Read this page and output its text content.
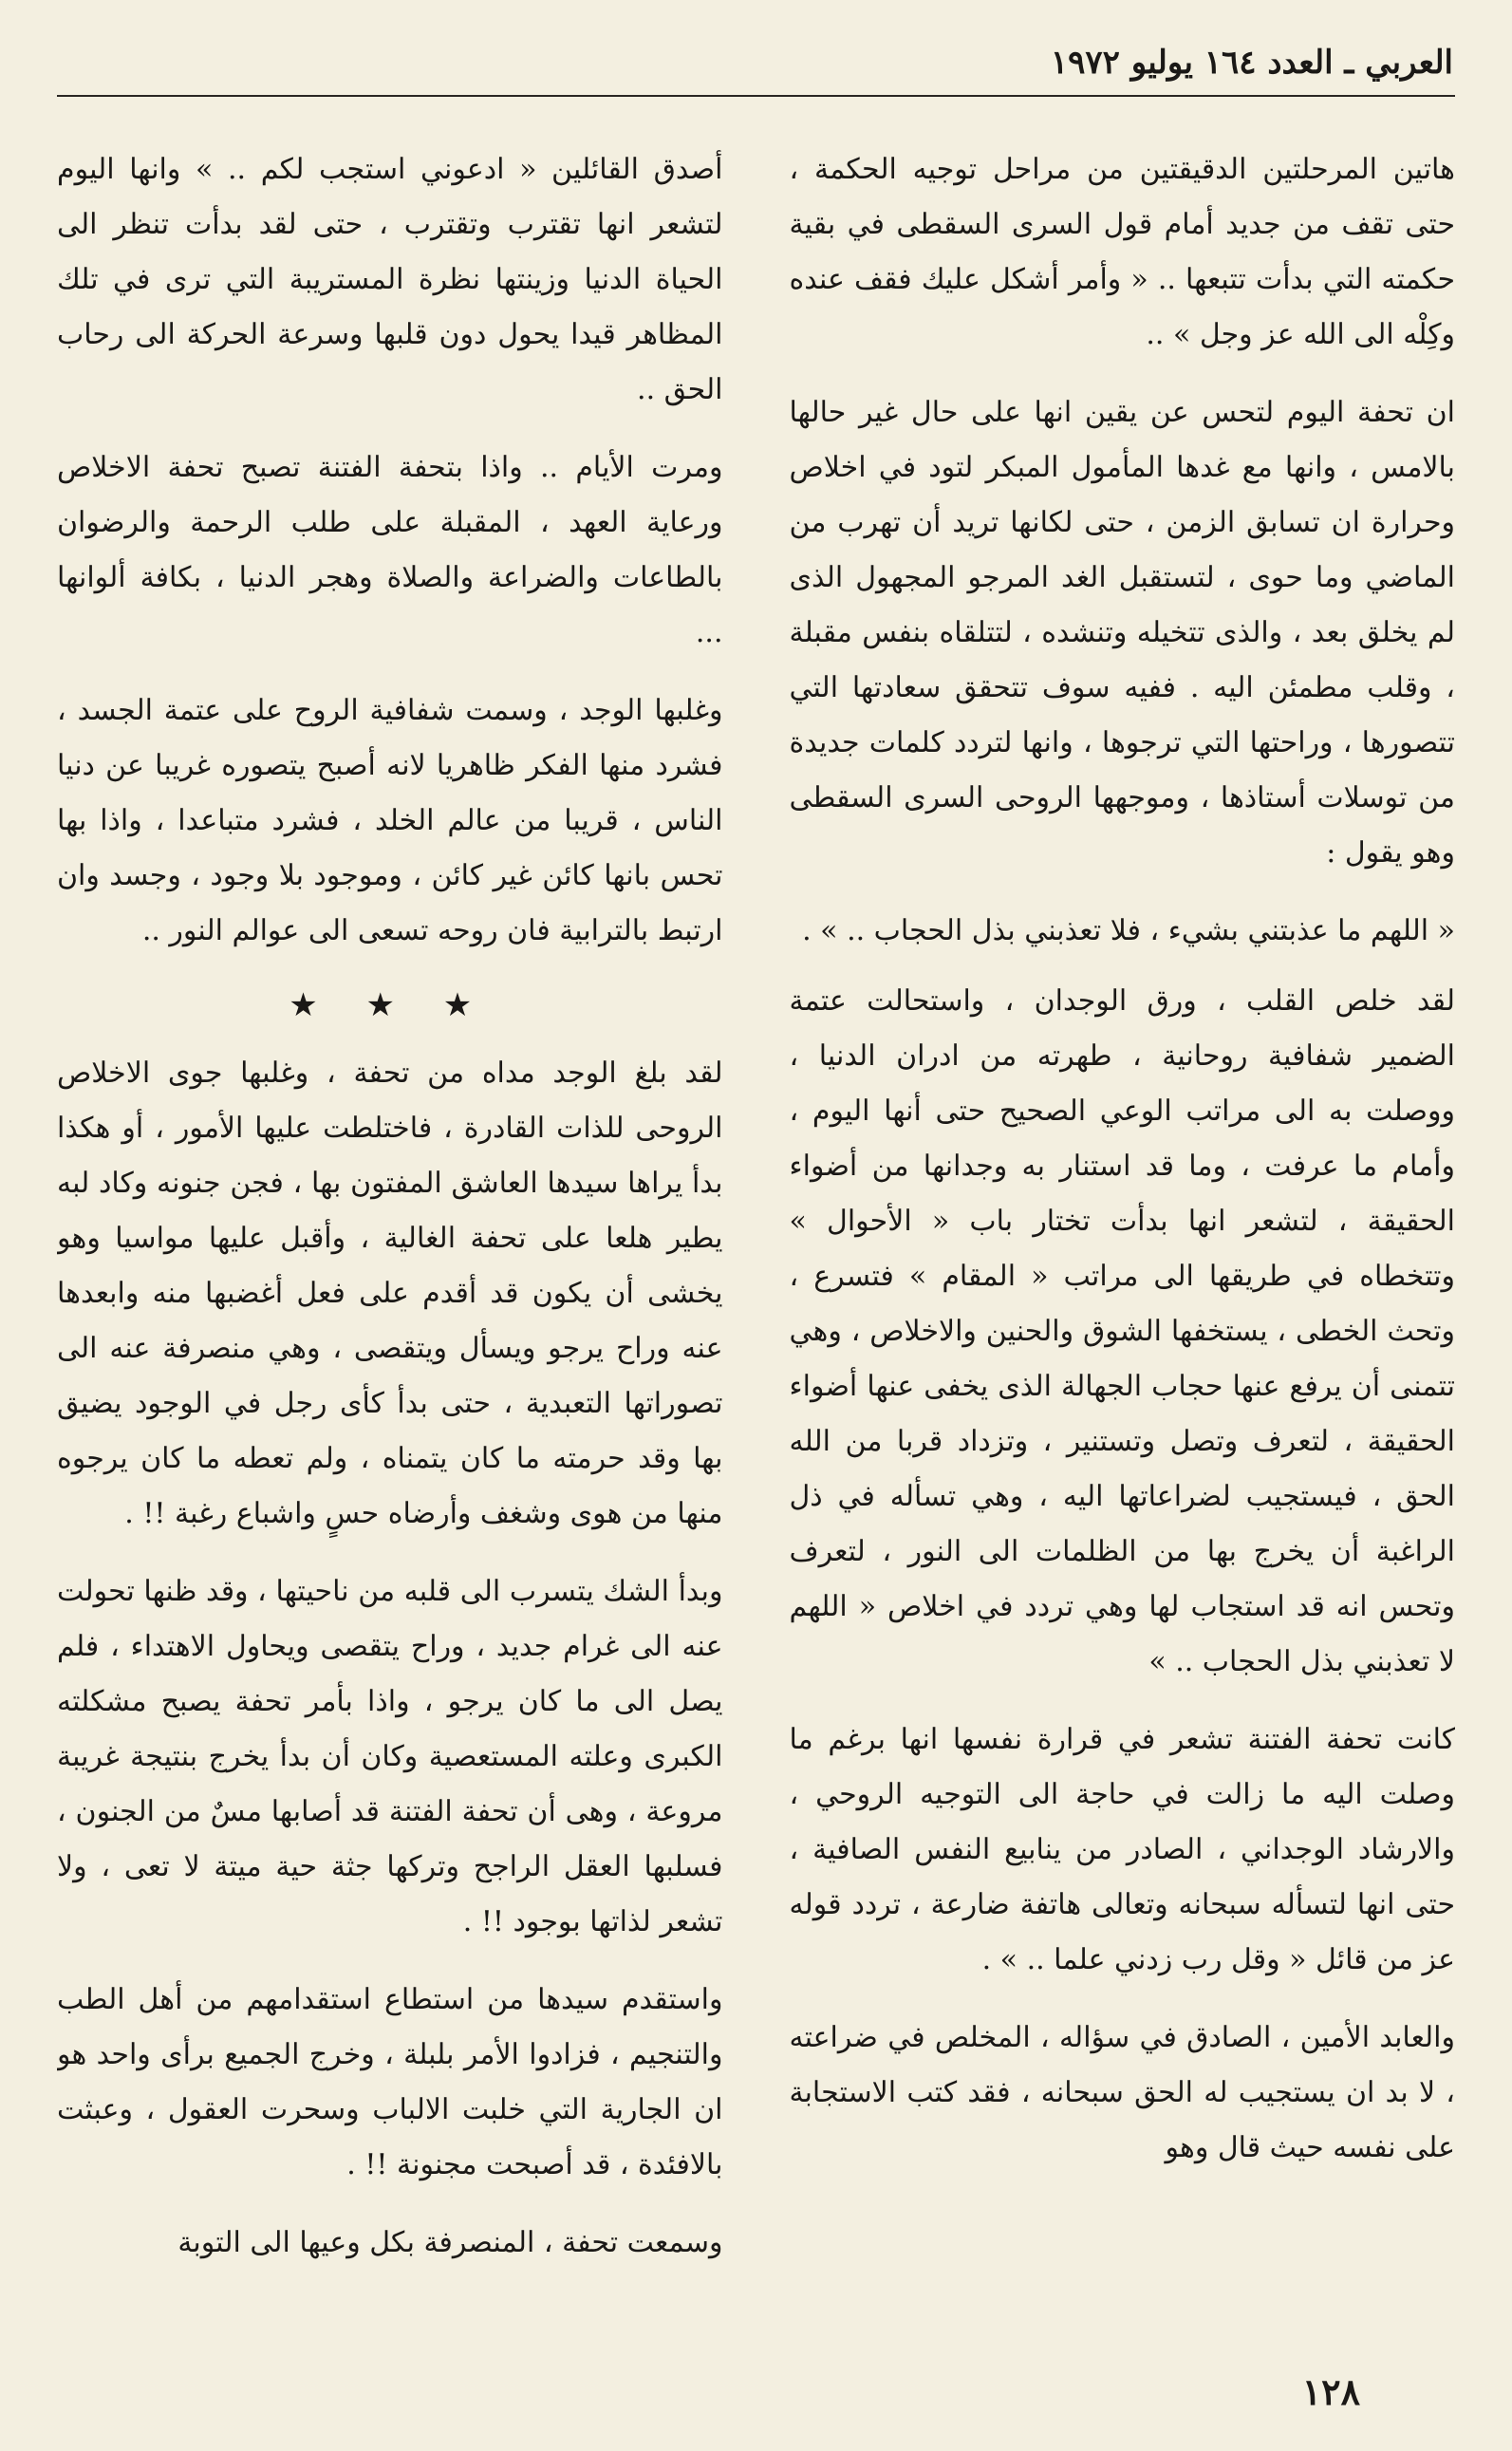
العربي ـ العدد ١٦٤ يوليو ١٩٧٢

هاتين المرحلتين الدقيقتين من مراحل توجيه الحكمة ، حتى تقف من جديد أمام قول السرى السقطى في بقية حكمته التي بدأت تتبعها .. « وأمر أشكل عليك فقف عنده وكِلْه الى الله عز وجل » ..

ان تحفة اليوم لتحس عن يقين انها على حال غير حالها بالامس ، وانها مع غدها المأمول المبكر لتود في اخلاص وحرارة ان تسابق الزمن ، حتى لكانها تريد أن تهرب من الماضي وما حوى ، لتستقبل الغد المرجو المجهول الذى لم يخلق بعد ، والذى تتخيله وتنشده ، لتتلقاه بنفس مقبلة ، وقلب مطمئن اليه . ففيه سوف تتحقق سعادتها التي تتصورها ، وراحتها التي ترجوها ، وانها لتردد كلمات جديدة من توسلات أستاذها ، وموجهها الروحى السرى السقطى وهو يقول :

« اللهم ما عذبتني بشيء ، فلا تعذبني بذل الحجاب .. » .

لقد خلص القلب ، ورق الوجدان ، واستحالت عتمة الضمير شفافية روحانية ، طهرته من ادران الدنيا ، ووصلت به الى مراتب الوعي الصحيح حتى أنها اليوم ، وأمام ما عرفت ، وما قد استنار به وجدانها من أضواء الحقيقة ، لتشعر انها بدأت تختار باب « الأحوال » وتتخطاه في طريقها الى مراتب « المقام » فتسرع ، وتحث الخطى ، يستخفها الشوق والحنين والاخلاص ، وهي تتمنى أن يرفع عنها حجاب الجهالة الذى يخفى عنها أضواء الحقيقة ، لتعرف وتصل وتستنير ، وتزداد قربا من الله الحق ، فيستجيب لضراعاتها اليه ، وهي تسأله في ذل الراغبة أن يخرج بها من الظلمات الى النور ، لتعرف وتحس انه قد استجاب لها وهي تردد في اخلاص « اللهم لا تعذبني بذل الحجاب .. »

كانت تحفة الفتنة تشعر في قرارة نفسها انها برغم ما وصلت اليه ما زالت في حاجة الى التوجيه الروحي ، والارشاد الوجداني ، الصادر من ينابيع النفس الصافية ، حتى انها لتسأله سبحانه وتعالى هاتفة ضارعة ، تردد قوله عز من قائل « وقل رب زدني علما .. » .

والعابد الأمين ، الصادق في سؤاله ، المخلص في ضراعته ، لا بد ان يستجيب له الحق سبحانه ، فقد كتب الاستجابة على نفسه حيث قال وهو

أصدق القائلين « ادعوني استجب لكم .. » وانها اليوم لتشعر انها تقترب وتقترب ، حتى لقد بدأت تنظر الى الحياة الدنيا وزينتها نظرة المستريبة التي ترى في تلك المظاهر قيدا يحول دون قلبها وسرعة الحركة الى رحاب الحق ..

ومرت الأيام .. واذا بتحفة الفتنة تصبح تحفة الاخلاص ورعاية العهد ، المقبلة على طلب الرحمة والرضوان بالطاعات والضراعة والصلاة وهجر الدنيا ، بكافة ألوانها ...

وغلبها الوجد ، وسمت شفافية الروح على عتمة الجسد ، فشرد منها الفكر ظاهريا لانه أصبح يتصوره غريبا عن دنيا الناس ، قريبا من عالم الخلد ، فشرد متباعدا ، واذا بها تحس بانها كائن غير كائن ، وموجود بلا وجود ، وجسد وان ارتبط بالترابية فان روحه تسعى الى عوالم النور ..

★ ★ ★

لقد بلغ الوجد مداه من تحفة ، وغلبها جوى الاخلاص الروحى للذات القادرة ، فاختلطت عليها الأمور ، أو هكذا بدأ يراها سيدها العاشق المفتون بها ، فجن جنونه وكاد لبه يطير هلعا على تحفة الغالية ، وأقبل عليها مواسيا وهو يخشى أن يكون قد أقدم على فعل أغضبها منه وابعدها عنه وراح يرجو ويسأل ويتقصى ، وهي منصرفة عنه الى تصوراتها التعبدية ، حتى بدأ كأى رجل في الوجود يضيق بها وقد حرمته ما كان يتمناه ، ولم تعطه ما كان يرجوه منها من هوى وشغف وأرضاه حسٍ واشباع رغبة !! .

وبدأ الشك يتسرب الى قلبه من ناحيتها ، وقد ظنها تحولت عنه الى غرام جديد ، وراح يتقصى ويحاول الاهتداء ، فلم يصل الى ما كان يرجو ، واذا بأمر تحفة يصبح مشكلته الكبرى وعلته المستعصية وكان أن بدأ يخرج بنتيجة غريبة مروعة ، وهى أن تحفة الفتنة قد أصابها مسٌ من الجنون ، فسلبها العقل الراجح وتركها جثة حية ميتة لا تعى ، ولا تشعر لذاتها بوجود !! .

واستقدم سيدها من استطاع استقدامهم من أهل الطب والتنجيم ، فزادوا الأمر بلبلة ، وخرج الجميع برأى واحد هو ان الجارية التي خلبت الالباب وسحرت العقول ، وعبثت بالافئدة ، قد أصبحت مجنونة !! .

وسمعت تحفة ، المنصرفة بكل وعيها الى التوبة

١٢٨
